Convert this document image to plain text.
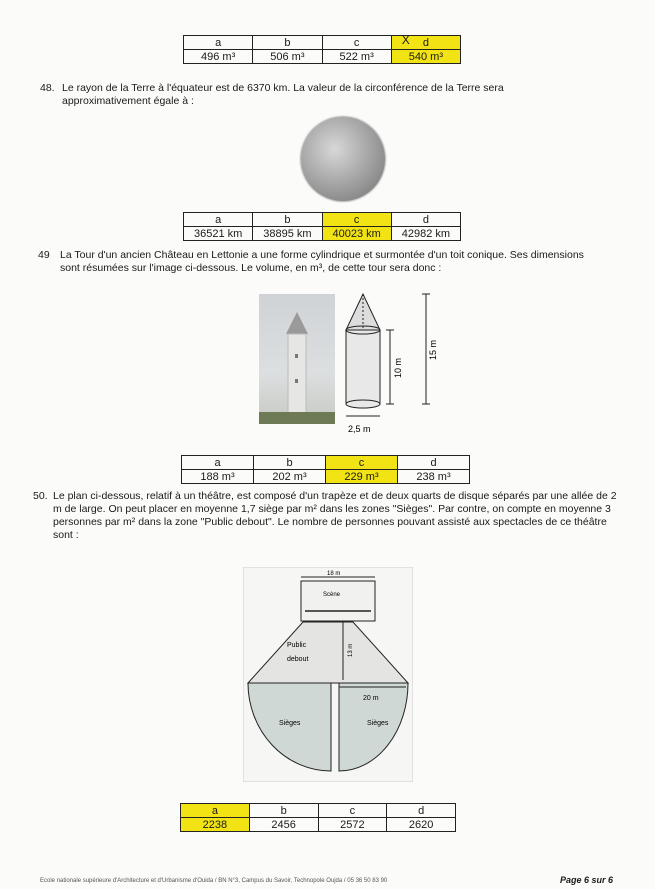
a	b	c	X d
496 m³	506 m³	522 m³	540 m³
48. Le rayon de la Terre à l'équateur est de 6370 km. La valeur de la circonférence de la Terre sera approximativement égale à :
a	b	c	d
36521 km	38895 km	40023 km	42982 km
49 La Tour d'un ancien Château en Lettonie a une forme cylindrique et surmontée d'un toit conique. Ses dimensions sont résumées sur l'image ci-dessous. Le volume, en m³, de cette tour sera donc :
10 m
15 m
2,5 m
a	b	c	d
188 m³	202 m³	229 m³	238 m³
50. Le plan ci-dessous, relatif à un théâtre, est composé d'un trapèze et de deux quarts de disque séparés par une allée de 2 m de large. On peut placer en moyenne 1,7 siège par m² dans les zones "Sièges". Par contre, on compte en moyenne 3 personnes par m² dans la zone "Public debout". Le nombre de personnes pouvant assisté aux spectacles de ce théâtre sont :
18 m
Scène
Public
debout
13 m
20 m
Sièges	Sièges
a	b	c	d
2238	2456	2572	2620
Ecole nationale supérieure d'Architecture et d'Urbanisme d'Ouida / BN N°3, Campus du Savoir, Technopole Oujda / 05 36 50 83 90	Page 6 sur 6
